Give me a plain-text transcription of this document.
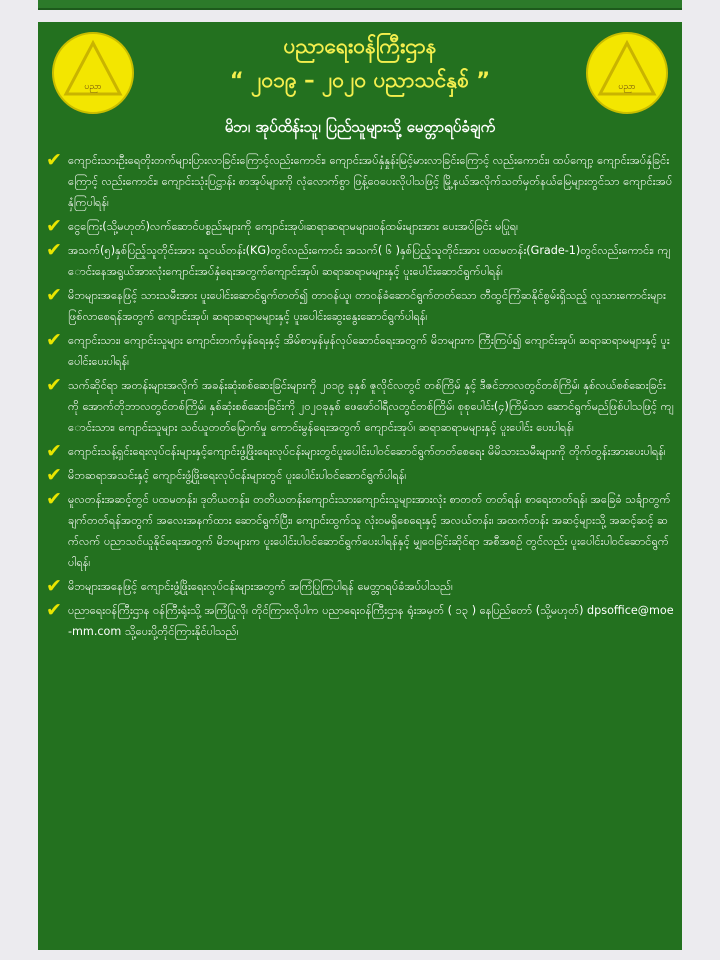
ပညာ	ပညာ
ပညာရေးဝန်ကြီးဌာန
“ ၂၀၁၉ – ၂၀၂၀ ပညာသင်နှစ် ”
မိဘ၊ အုပ်ထိန်းသူ၊ ပြည်သူများသို့ မေတ္တာရပ်ခံချက်
✔ ကျောင်းသားဦးရေတိုးတက်များပြားလာခြင်းကြောင့်လည်းကောင်း၊ ကျောင်းအပ်နှံနှုန်းမြင့်မားလာခြင်းကြောင့် လည်းကောင်း၊ ထပ်ကျော့ ကျောင်းအပ်နှံခြင်းကြောင့် လည်းကောင်း၊ ကျောင်းသုံးပြဋ္ဌာန်း စာအုပ်များကို လုံလောက်စွာ ဖြန့်ဝေပေးလိုပါသဖြင့် မြို့နယ်အလိုက်သတ်မှတ်နယ်မြေများတွင်သာ ကျောင်းအပ်နှံကြပါရန်၊
✔ ငွေကြေး(သို့မဟုတ်)လက်ဆောင်ပစ္စည်းများကို ကျောင်းအုပ်၊ဆရာဆရာမများ၊ဝန်ထမ်းများအား ပေးအပ်ခြင်း မပြုရ၊
✔ အသက်(၅)နှစ်ပြည့်သူတိုင်းအား သူငယ်တန်း(KG)တွင်လည်းကောင်း အသက်( ၆ )နှစ်ပြည့်သူတိုင်းအား ပထမတန်း(Grade-1)တွင်လည်းကောင်း၊ ကျောင်းနေအရွယ်အားလုံးကျောင်းအပ်နှံရေးအတွက်ကျောင်းအုပ်၊ ဆရာဆရာမများနှင့် ပူးပေါင်းဆောင်ရွက်ပါရန်၊
✔ မိဘများအနေဖြင့် သားသမီးအား ပူးပေါင်းဆောင်ရွက်တတ်၍ တာဝန်ယူ၊ တာဝန်ခံဆောင်ရွက်တတ်သော တီထွင်ကြံဆနိုင်စွမ်းရှိသည့် လူသားကောင်းများ ဖြစ်လာစေရန်အတွက် ကျောင်းအုပ်၊ ဆရာဆရာမများနှင့် ပူးပေါင်းဆွေးနွေးဆောင်ရွက်ပါရန်၊
✔ ကျောင်းသား၊ ကျောင်းသူများ ကျောင်းတက်မှန်ရေးနှင့် အိမ်စာမှန်မှန်လုပ်ဆောင်ရေးအတွက် မိဘများက ကြီးကြပ်၍ ကျောင်းအုပ်၊ ဆရာဆရာမများနှင့် ပူးပေါင်းပေးပါရန်၊
✔ သက်ဆိုင်ရာ အတန်းများအလိုက် အခန်းဆုံးစစ်ဆေးခြင်းများကို ၂၀၁၉ ခုနှစ် ဇူလိုင်လတွင် တစ်ကြိမ် နှင့် ဒီဇင်ဘာလတွင်တစ်ကြိမ်၊ နှစ်လယ်စစ်ဆေးခြင်းကို အောက်တိုဘာလတွင်တစ်ကြိမ်၊ နှစ်ဆုံးစစ်ဆေးခြင်းကို ၂၀၂၀ခုနှစ် ဖေဖော်ဝါရီလတွင်တစ်ကြိမ်၊ စုစုပေါင်း(၄)ကြိမ်သာ ဆောင်ရွက်မည်ဖြစ်ပါသဖြင့် ကျောင်းသား၊ ကျောင်းသူများ သင်ယူတတ်မြောက်မှု ကောင်းမွန်ရေးအတွက် ကျောင်းအုပ်၊ ဆရာဆရာမများနှင့် ပူးပေါင်း ပေးပါရန်၊
✔ ကျောင်းသန့်ရှင်းရေးလုပ်ငန်းများနှင့်ကျောင်းဖွံ့ဖြိုးရေးလုပ်ငန်းများတွင်ပူးပေါင်းပါဝင်ဆောင်ရွက်တတ်စေရေး မိမိသားသမီးများကို တိုက်တွန်းအားပေးပါရန်၊
✔ မိဘဆရာအသင်းနှင့် ကျောင်းဖွံ့ဖြိုးရေးလုပ်ငန်းများတွင် ပူးပေါင်းပါဝင်ဆောင်ရွက်ပါရန်၊
✔ မူလတန်းအဆင့်တွင် ပထမတန်း၊ ဒုတိယတန်း၊ တတိယတန်းကျောင်းသားကျောင်းသူများအားလုံး စာတတ် တတ်ရန်၊ စာရေးတတ်ရန်၊ အခြေခံ သင်္ချာတွက်ချက်တတ်ရန်အတွက် အလေးအနက်ထား ဆောင်ရွက်ပြီး၊ ကျောင်းထွက်သူ လုံးဝမရှိစေရေးနှင့် အလယ်တန်း၊ အထက်တန်း အဆင့်များသို့ အဆင့်ဆင့် ဆက်လက် ပညာသင်ယူနိုင်ရေးအတွက် မိဘများက ပူးပေါင်းပါဝင်ဆောင်ရွက်ပေးပါရန်နှင့် မျှဝေခြင်းဆိုင်ရာ အစီအစဉ် တွင်လည်း ပူးပေါင်းပါဝင်ဆောင်ရွက်ပါရန်၊
✔ မိဘများအနေဖြင့် ကျောင်းဖွံ့ဖြိုးရေးလုပ်ငန်းများအတွက် အကြံပြုကြပါရန် မေတ္တာရပ်ခံအပ်ပါသည်၊
✔ ပညာရေးဝန်ကြီးဌာန ဝန်ကြီးရုံးသို့ အကြံပြုလို၊ တိုင်ကြားလိုပါက ပညာရေးဝန်ကြီးဌာန ရုံးအမှတ် ( ၁၃ ) နေပြည်တော် (သို့မဟုတ်) dpsoffice@moe-mm.com သို့ပေးပို့တိုင်ကြားနိုင်ပါသည်၊
